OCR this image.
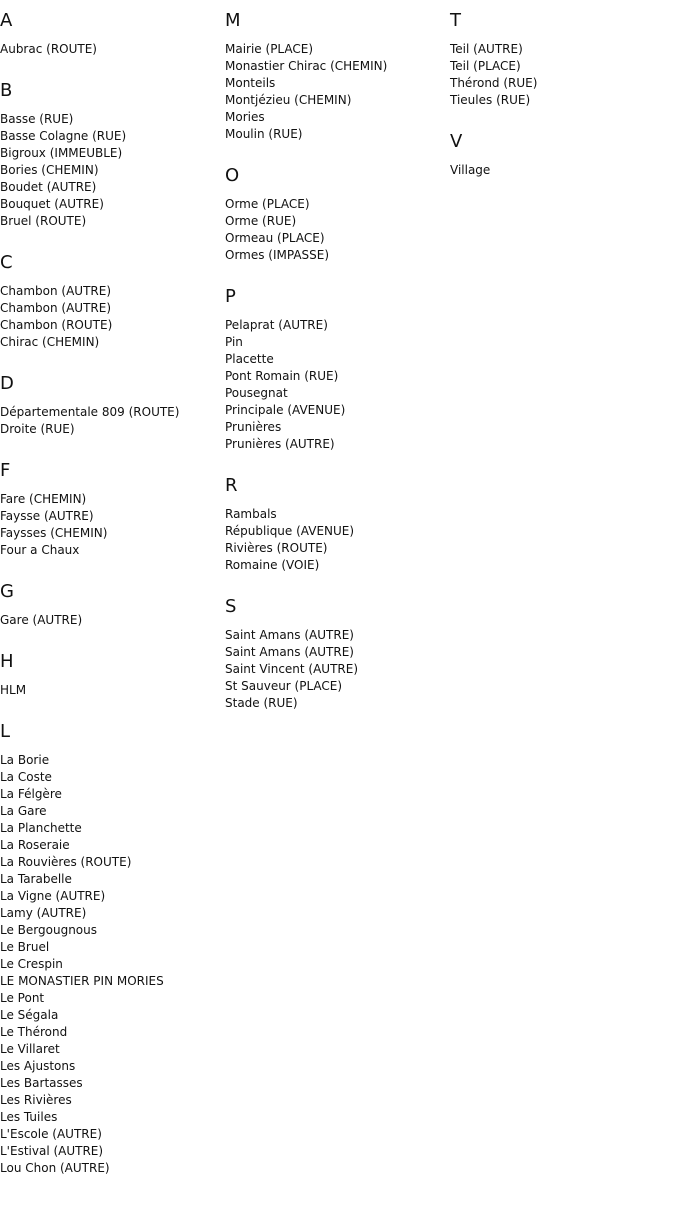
A
Aubrac (ROUTE)
B
Basse (RUE)
Basse Colagne (RUE)
Bigroux (IMMEUBLE)
Bories (CHEMIN)
Boudet (AUTRE)
Bouquet (AUTRE)
Bruel (ROUTE)
C
Chambon (AUTRE)
Chambon (AUTRE)
Chambon (ROUTE)
Chirac (CHEMIN)
D
Départementale 809 (ROUTE)
Droite (RUE)
F
Fare (CHEMIN)
Faysse (AUTRE)
Faysses (CHEMIN)
Four a Chaux
G
Gare (AUTRE)
H
HLM
L
La Borie
La Coste
La Félgère
La Gare
La Planchette
La Roseraie
La Rouvières (ROUTE)
La Tarabelle
La Vigne (AUTRE)
Lamy (AUTRE)
Le Bergougnous
Le Bruel
Le Crespin
LE MONASTIER PIN MORIES
Le Pont
Le Ségala
Le Thérond
Le Villaret
Les Ajustons
Les Bartasses
Les Rivières
Les Tuiles
L'Escole (AUTRE)
L'Estival (AUTRE)
Lou Chon (AUTRE)
M
Mairie (PLACE)
Monastier Chirac (CHEMIN)
Monteils
Montjézieu (CHEMIN)
Mories
Moulin (RUE)
O
Orme (PLACE)
Orme (RUE)
Ormeau (PLACE)
Ormes (IMPASSE)
P
Pelaprat (AUTRE)
Pin
Placette
Pont Romain (RUE)
Pousegnat
Principale (AVENUE)
Prunières
Prunières (AUTRE)
R
Rambals
République (AVENUE)
Rivières (ROUTE)
Romaine (VOIE)
S
Saint Amans (AUTRE)
Saint Amans (AUTRE)
Saint Vincent (AUTRE)
St Sauveur (PLACE)
Stade (RUE)
T
Teil (AUTRE)
Teil (PLACE)
Thérond (RUE)
Tieules (RUE)
V
Village
